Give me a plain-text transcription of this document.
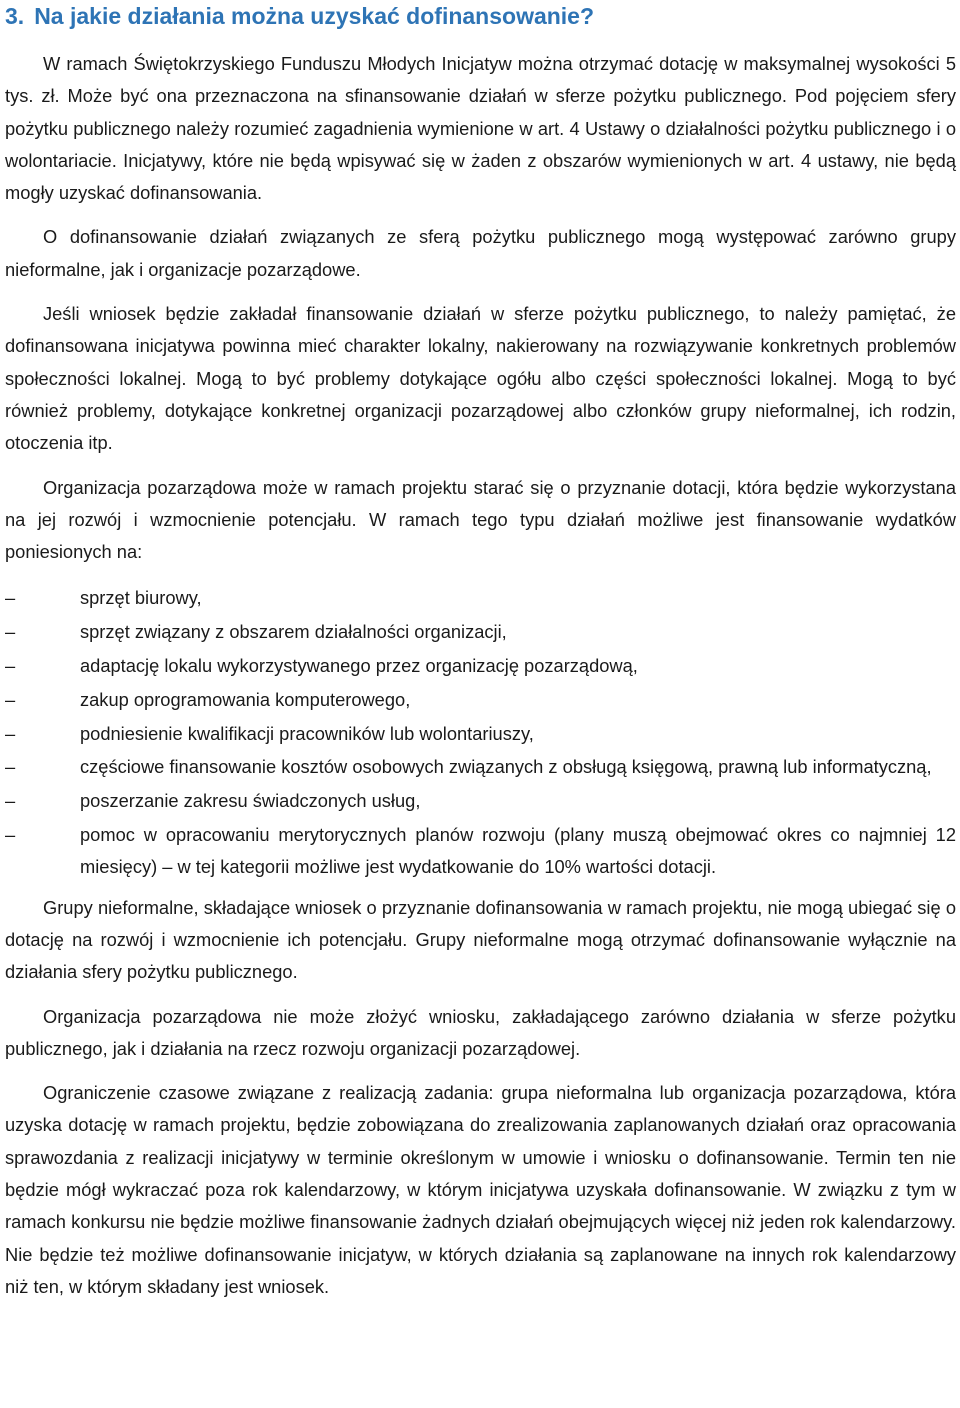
3. Na jakie działania można uzyskać dofinansowanie?

W ramach Świętokrzyskiego Funduszu Młodych Inicjatyw można otrzymać dotację w maksymalnej wysokości 5 tys. zł. Może być ona przeznaczona na sfinansowanie działań w sferze pożytku publicznego. Pod pojęciem sfery pożytku publicznego należy rozumieć zagadnienia wymienione w art. 4 Ustawy o działalności pożytku publicznego i o wolontariacie. Inicjatywy, które nie będą wpisywać się w żaden z obszarów wymienionych w art. 4 ustawy, nie będą mogły uzyskać dofinansowania.

O dofinansowanie działań związanych ze sferą pożytku publicznego mogą występować zarówno grupy nieformalne, jak i organizacje pozarządowe.

Jeśli wniosek będzie zakładał finansowanie działań w sferze pożytku publicznego, to należy pamiętać, że dofinansowana inicjatywa powinna mieć charakter lokalny, nakierowany na rozwiązywanie konkretnych problemów społeczności lokalnej. Mogą to być problemy dotykające ogółu albo części społeczności lokalnej. Mogą to być również problemy, dotykające konkretnej organizacji pozarządowej albo członków grupy nieformalnej, ich rodzin, otoczenia itp.

Organizacja pozarządowa może w ramach projektu starać się o przyznanie dotacji, która będzie wykorzystana na jej rozwój i wzmocnienie potencjału. W ramach tego typu działań możliwe jest finansowanie wydatków poniesionych na:

–	sprzęt biurowy,
–	sprzęt związany z obszarem działalności organizacji,
–	adaptację lokalu wykorzystywanego przez organizację pozarządową,
–	zakup oprogramowania komputerowego,
–	podniesienie kwalifikacji pracowników lub wolontariuszy,
–	częściowe finansowanie kosztów osobowych związanych z obsługą księgową, prawną lub informatyczną,
–	poszerzanie zakresu świadczonych usług,
–	pomoc w opracowaniu merytorycznych planów rozwoju (plany muszą obejmować okres co najmniej 12 miesięcy) – w tej kategorii możliwe jest wydatkowanie do 10% wartości dotacji.

Grupy nieformalne, składające wniosek o przyznanie dofinansowania w ramach projektu, nie mogą ubiegać się o dotację na rozwój i wzmocnienie ich potencjału. Grupy nieformalne mogą otrzymać dofinansowanie wyłącznie na działania sfery pożytku publicznego.

Organizacja pozarządowa nie może złożyć wniosku, zakładającego zarówno działania w sferze pożytku publicznego, jak i działania na rzecz rozwoju organizacji pozarządowej.

Ograniczenie czasowe związane z realizacją zadania: grupa nieformalna lub organizacja pozarządowa, która uzyska dotację w ramach projektu, będzie zobowiązana do zrealizowania zaplanowanych działań oraz opracowania sprawozdania z realizacji inicjatywy w terminie określonym w umowie i wniosku o dofinansowanie. Termin ten nie będzie mógł wykraczać poza rok kalendarzowy, w którym inicjatywa uzyskała dofinansowanie. W związku z tym w ramach konkursu nie będzie możliwe finansowanie żadnych działań obejmujących więcej niż jeden rok kalendarzowy. Nie będzie też możliwe dofinansowanie inicjatyw, w których działania są zaplanowane na innych rok kalendarzowy niż ten, w którym składany jest wniosek.
